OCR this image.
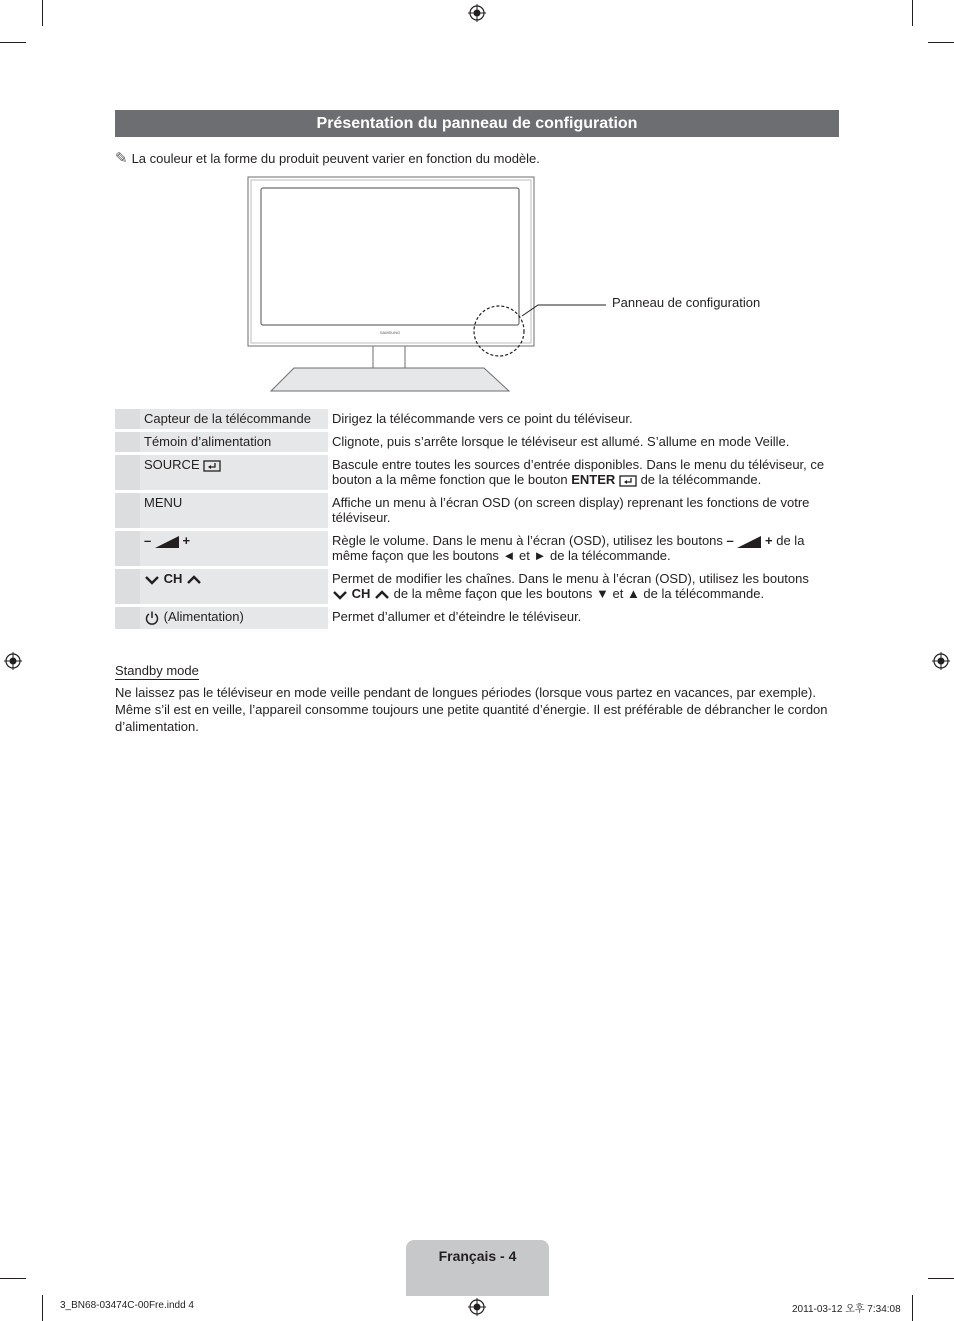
Présentation du panneau de configuration
✎ La couleur et la forme du produit peuvent varier en fonction du modèle.
SAMSUNG
Panneau de configuration
	Capteur de la télécommande	Dirigez la télécommande vers ce point du téléviseur.
	Témoin d’alimentation	Clignote, puis s’arrête lorsque le téléviseur est allumé. S’allume en mode Veille.
	SOURCE	Bascule entre toutes les sources d’entrée disponibles. Dans le menu du téléviseur, ce bouton a la même fonction que le bouton ENTER de la télécommande.
	MENU	Affiche un menu à l’écran OSD (on screen display) reprenant les fonctions de votre téléviseur.
	– +	Règle le volume. Dans le menu à l’écran (OSD), utilisez les boutons – + de la même façon que les boutons ◄ et ► de la télécommande.
	CH	Permet de modifier les chaînes. Dans le menu à l’écran (OSD), utilisez les boutons
CH de la même façon que les boutons ▼ et ▲ de la télécommande.
	(Alimentation)	Permet d’allumer et d’éteindre le téléviseur.
Standby mode
Ne laissez pas le téléviseur en mode veille pendant de longues périodes (lorsque vous partez en vacances, par exemple).
Même s’il est en veille, l’appareil consomme toujours une petite quantité d’énergie. Il est préférable de débrancher le cordon d’alimentation.
Français - 4
3_BN68-03474C-00Fre.indd 4	2011-03-12 오후 7:34:08
